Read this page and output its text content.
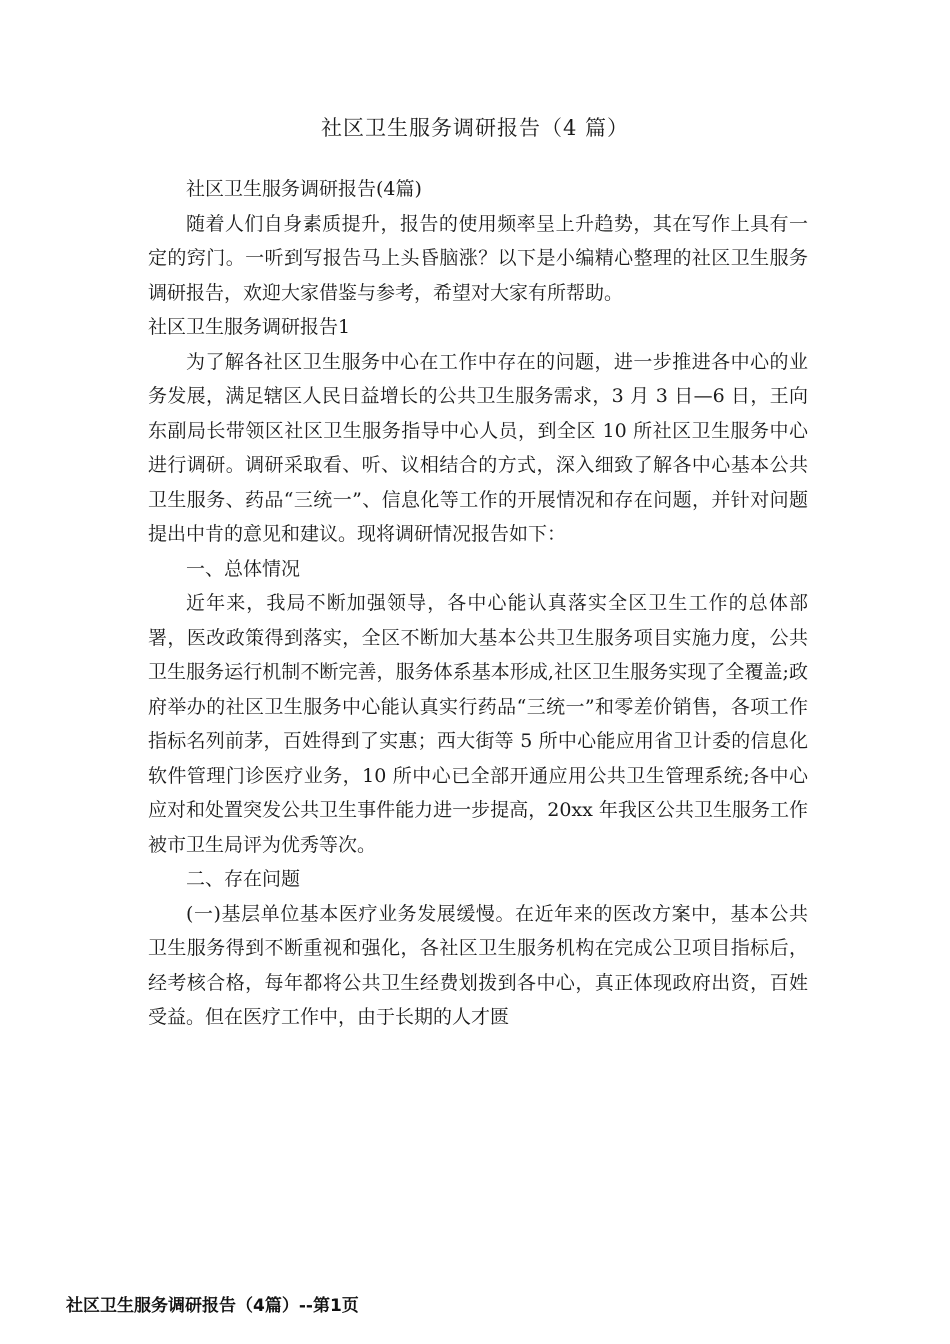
社区卫生服务调研报告（4 篇）

社区卫生服务调研报告(4篇)

随着人们自身素质提升，报告的使用频率呈上升趋势，其在写作上具有一定的窍门。一听到写报告马上头昏脑涨？以下是小编精心整理的社区卫生服务调研报告，欢迎大家借鉴与参考，希望对大家有所帮助。

社区卫生服务调研报告1

为了解各社区卫生服务中心在工作中存在的问题，进一步推进各中心的业务发展，满足辖区人民日益增长的公共卫生服务需求，3 月 3 日—6 日，王向东副局长带领区社区卫生服务指导中心人员，到全区 10 所社区卫生服务中心进行调研。调研采取看、听、议相结合的方式，深入细致了解各中心基本公共卫生服务、药品“三统一”、信息化等工作的开展情况和存在问题，并针对问题提出中肯的意见和建议。现将调研情况报告如下：

一、总体情况

近年来，我局不断加强领导，各中心能认真落实全区卫生工作的总体部署，医改政策得到落实，全区不断加大基本公共卫生服务项目实施力度，公共卫生服务运行机制不断完善，服务体系基本形成,社区卫生服务实现了全覆盖;政府举办的社区卫生服务中心能认真实行药品“三统一”和零差价销售，各项工作指标名列前茅，百姓得到了实惠；西大街等 5 所中心能应用省卫计委的信息化软件管理门诊医疗业务，10 所中心已全部开通应用公共卫生管理系统;各中心应对和处置突发公共卫生事件能力进一步提高，20xx 年我区公共卫生服务工作被市卫生局评为优秀等次。

二、存在问题

(一)基层单位基本医疗业务发展缓慢。在近年来的医改方案中，基本公共卫生服务得到不断重视和强化，各社区卫生服务机构在完成公卫项目指标后，经考核合格，每年都将公共卫生经费划拨到各中心，真正体现政府出资，百姓受益。但在医疗工作中，由于长期的人才匮

社区卫生服务调研报告（4篇）--第1页
